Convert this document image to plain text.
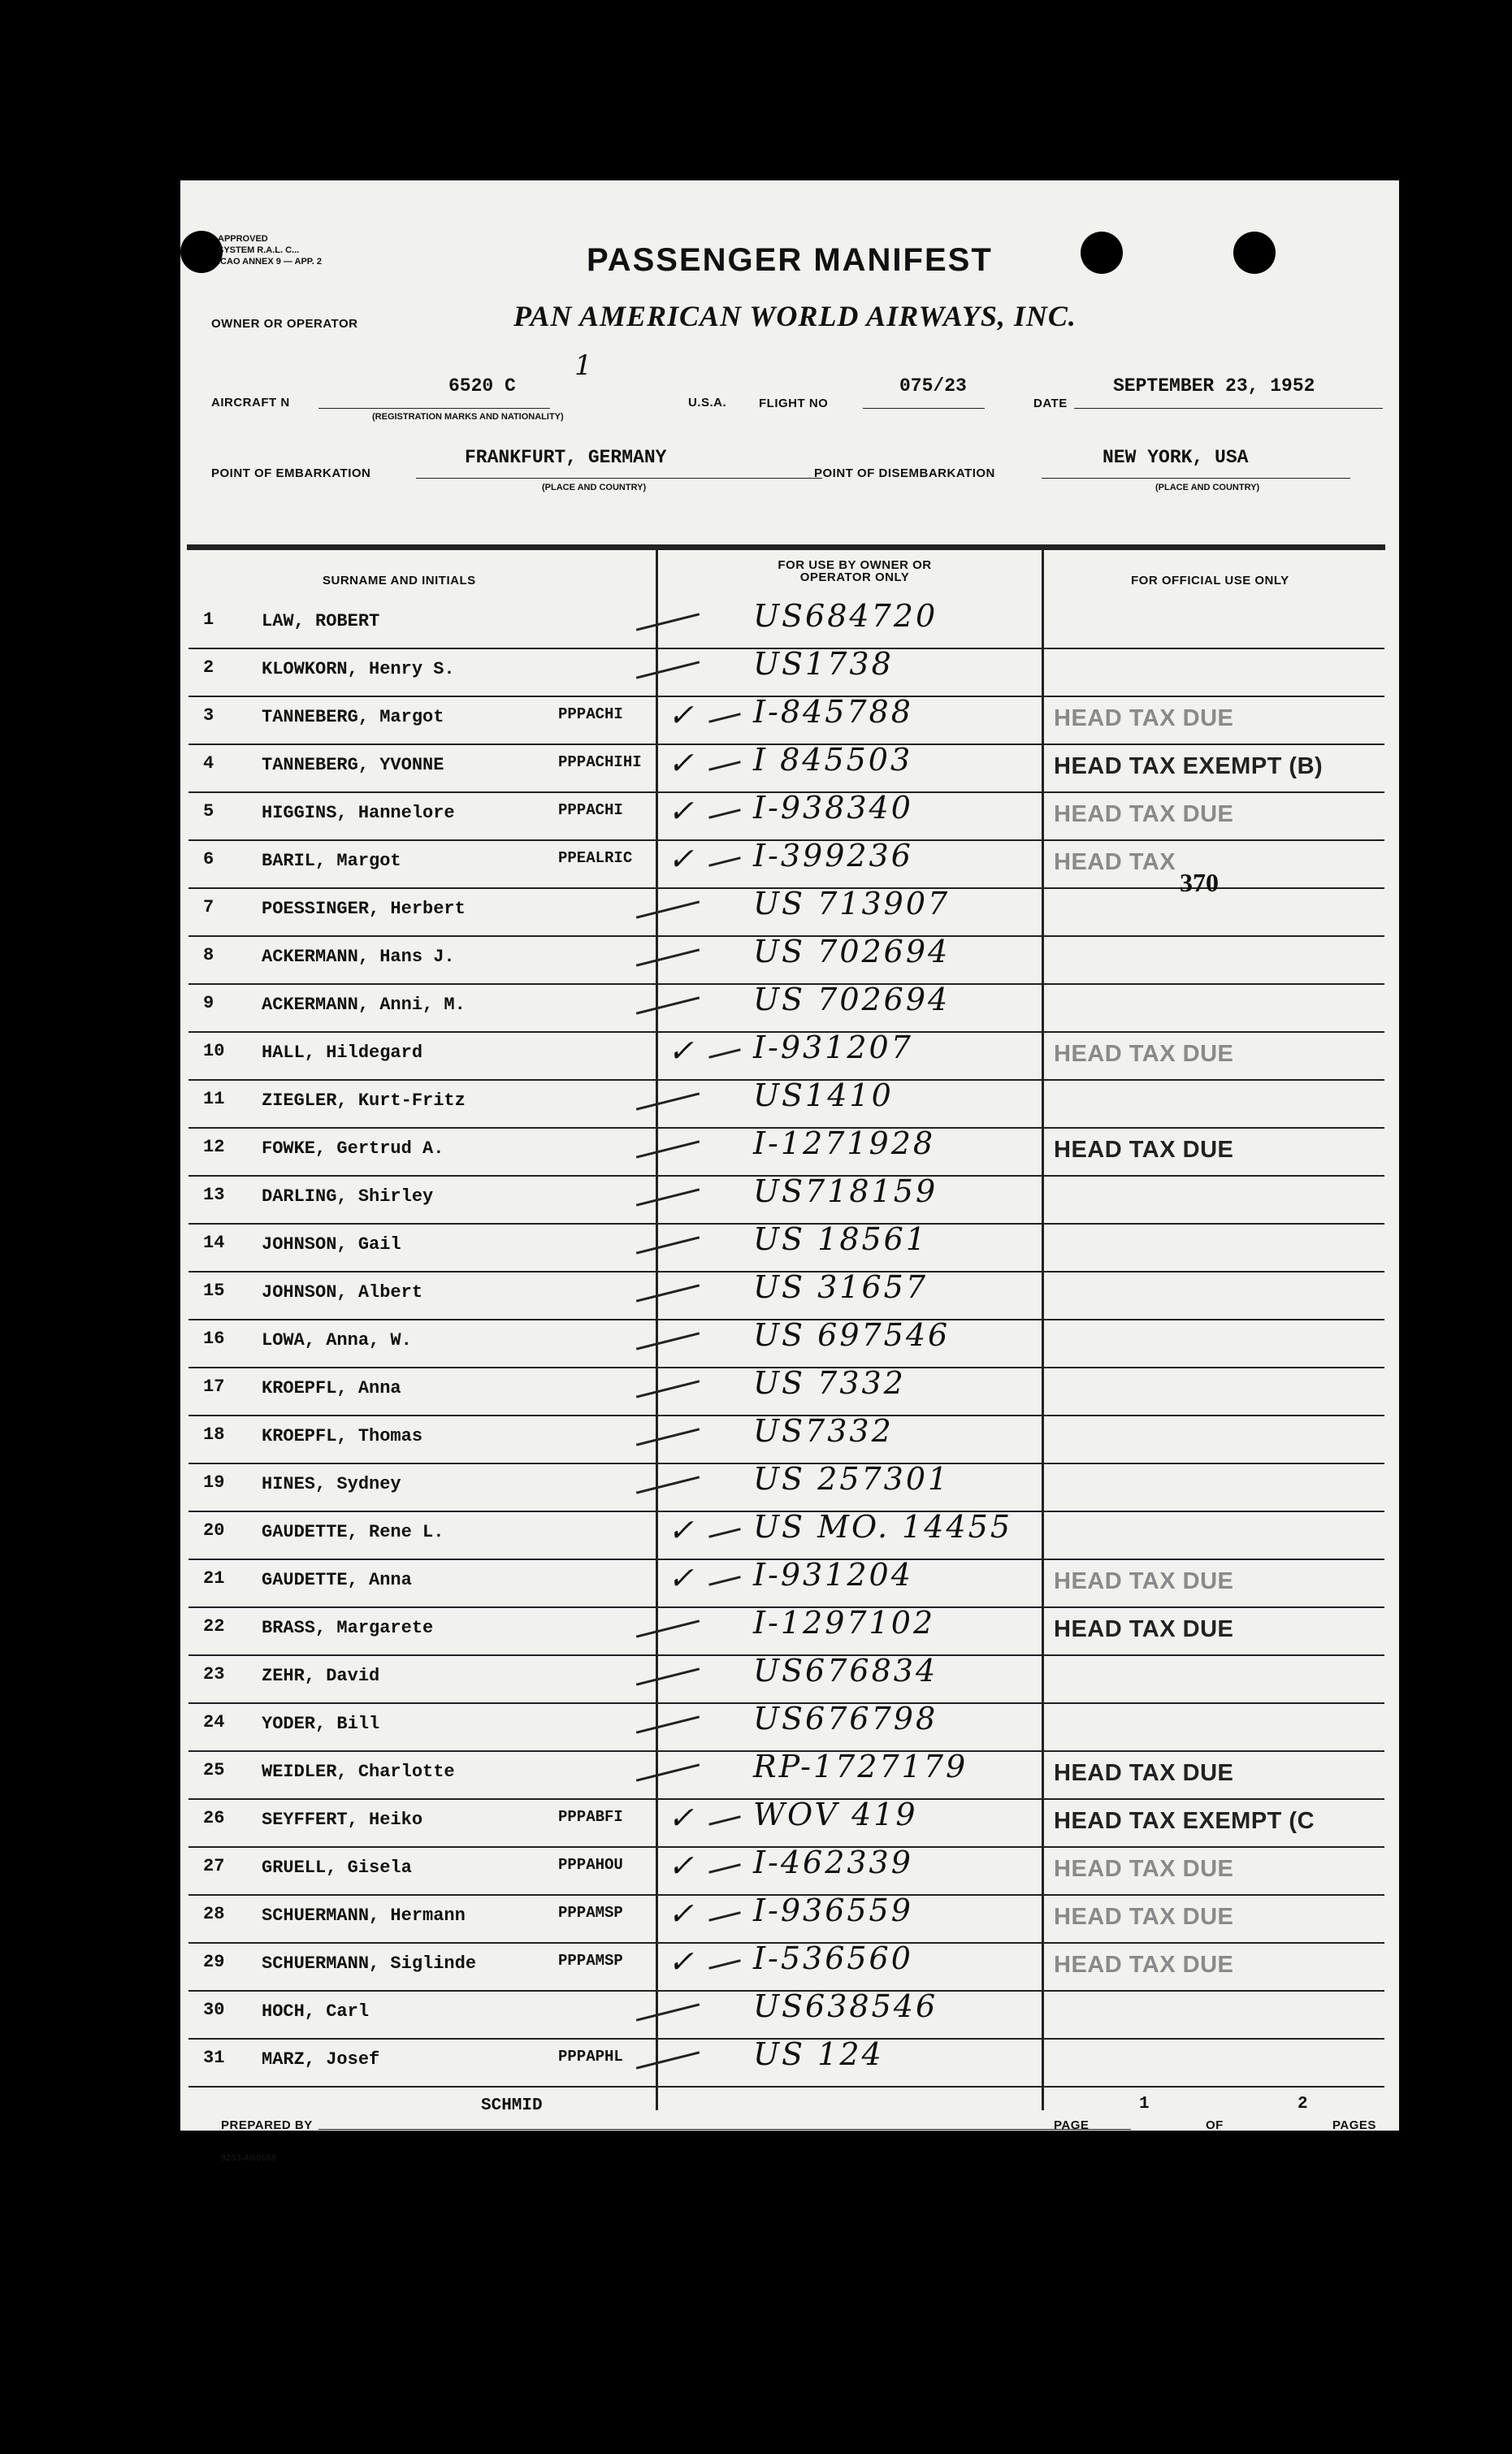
APPROVED
SYSTEM R.A.L. C...
ICAO ANNEX 9 — APP. 2	PASSENGER MANIFEST
OWNER OR OPERATOR	PAN AMERICAN WORLD AIRWAYS, INC.
AIRCRAFT N
6520 C
1
(REGISTRATION MARKS AND NATIONALITY)
U.S.A.	FLIGHT NO
075/23
DATE
SEPTEMBER 23, 1952
POINT OF EMBARKATION
FRANKFURT, GERMANY
(PLACE AND COUNTRY)
POINT OF DISEMBARKATION
NEW YORK, USA
(PLACE AND COUNTRY)
SURNAME AND INITIALS
FOR USE BY OWNER OR OPERATOR ONLY	FOR OFFICIAL USE ONLY
1	LAW, ROBERT	US684720
2	KLOWKORN, Henry S.	US1738
3	TANNEBERG, Margot	PPPACHI ✓ I-845788	HEAD TAX DUE
4	TANNEBERG, YVONNE	PPPACHIHI ✓ I 845503	HEAD TAX EXEMPT (B)
5	HIGGINS, Hannelore	PPPACHI ✓ I-938340	HEAD TAX DUE
6	BARIL, Margot	PPEALRIC ✓ I-399236	HEAD TAX
7	POESSINGER, Herbert	US 713907
8	ACKERMANN, Hans J.	US 702694
9	ACKERMANN, Anni, M.	US 702694
10 HALL, Hildegard	✓ I-931207	HEAD TAX DUE
11 ZIEGLER, Kurt-Fritz	US1410
12 FOWKE, Gertrud A.	I-1271928	HEAD TAX DUE
13 DARLING, Shirley	US718159
14 JOHNSON, Gail	US 18561
15 JOHNSON, Albert	US 31657
16 LOWA, Anna, W.	US 697546
17 KROEPFL, Anna	US 7332
18 KROEPFL, Thomas	US7332
19 HINES, Sydney	US 257301
20 GAUDETTE, Rene L.	✓ US MO. 14455
21 GAUDETTE, Anna	✓ I-931204	HEAD TAX DUE
22 BRASS, Margarete	I-1297102	HEAD TAX DUE
23 ZEHR, David	US676834
24 YODER, Bill	US676798
25 WEIDLER, Charlotte	RP-1727179	HEAD TAX DUE
26 SEYFFERT, Heiko	PPPABFI ✓ WOV 419	HEAD TAX EXEMPT (C
27 GRUELL, Gisela	PPPAHOU ✓ I-462339	HEAD TAX DUE
28 SCHUERMANN, Hermann	PPPAMSP ✓ I-936559	HEAD TAX DUE
29 SCHUERMANN, Siglinde	PPPAMSP ✓ I-536560	HEAD TAX DUE
30 HOCH, Carl	US638546
31 MARZ, Josef	PPPAPHL	US 124
370
PREPARED BY
SCHMID
PAGE
1
OF
2
PAGES
9253-4/60658
